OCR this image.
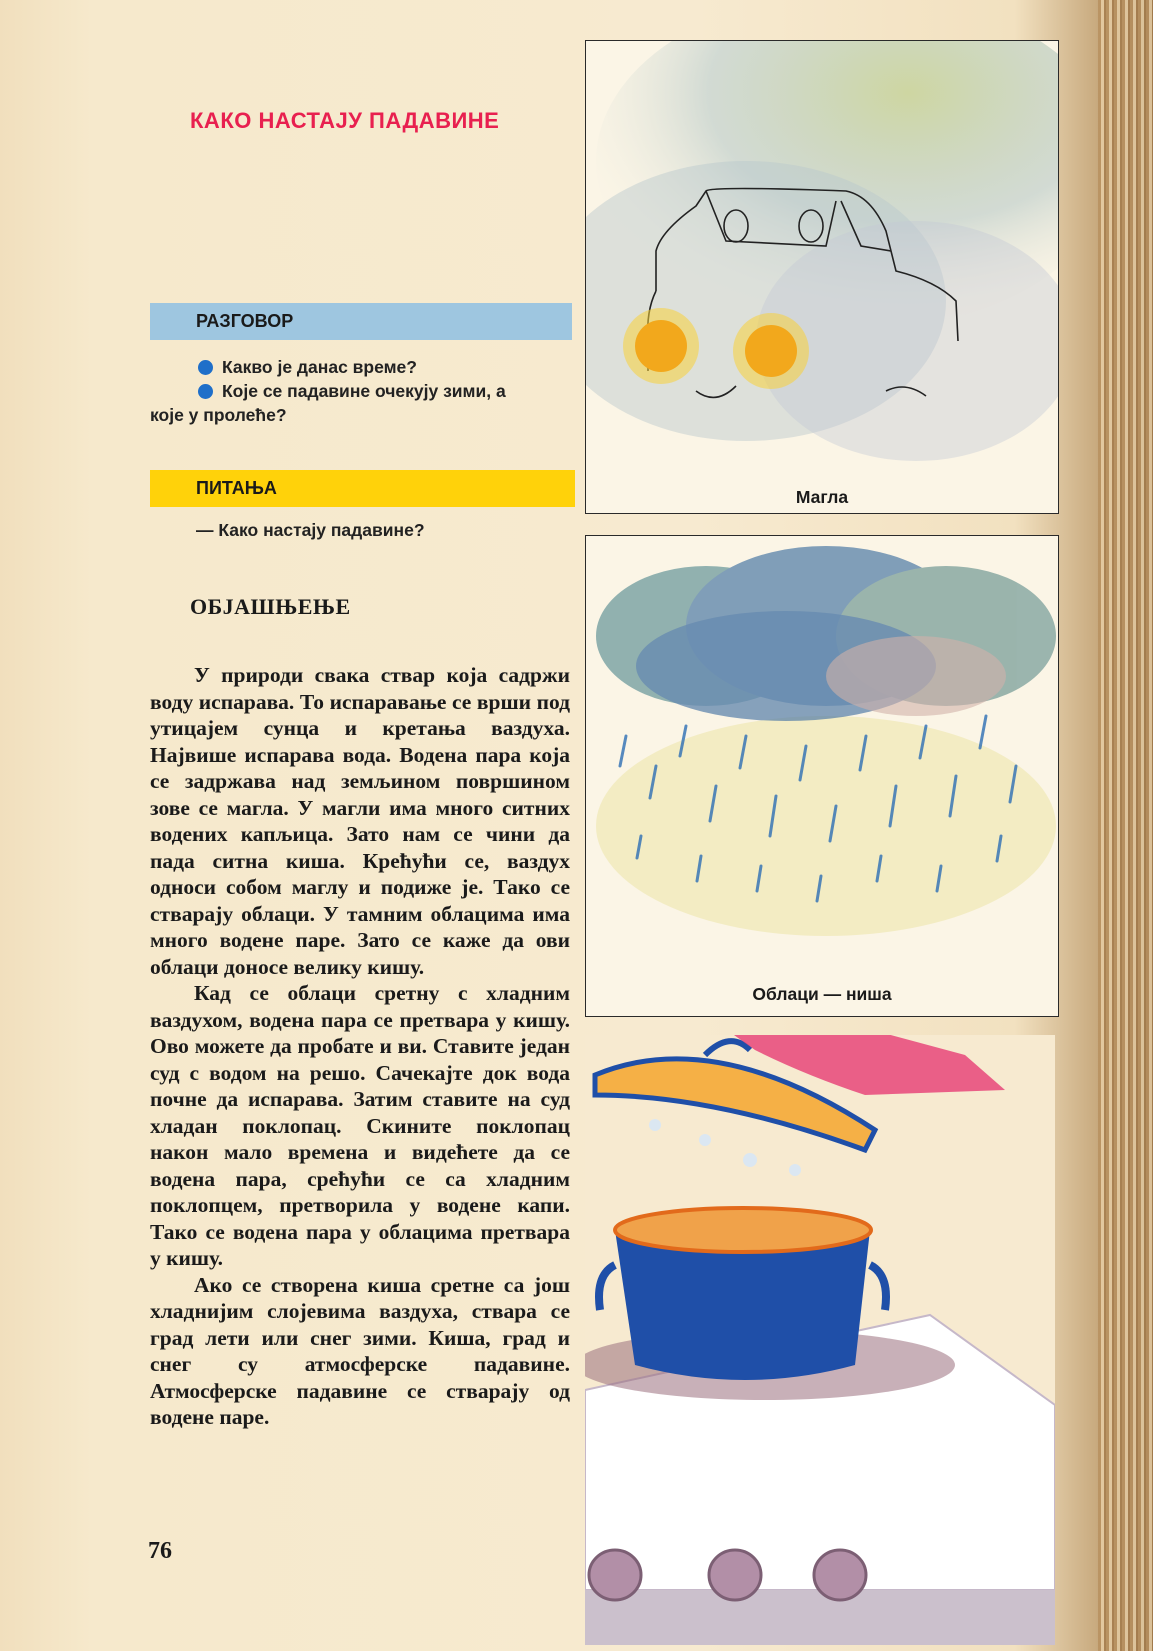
КАКО НАСТАЈУ ПАДАВИНЕ
РАЗГОВОР
Какво је данас време?
Које се падавине очекују зими, а
које у пролеће?
ПИТАЊА
— Како настају падавине?
ОБЈАШЊЕЊЕ

У природи свака ствар која садржи воду испарава. То испаравање се врши под утицајем сунца и кретања ваздуха. Највише испарава вода. Водена пара која се задржава над земљином површином зове се магла. У магли има много ситних водених капљица. Зато нам се чини да пада ситна киша. Крећући се, ваздух односи собом маглу и подиже је. Тако се стварају облаци. У тамним облацима има много водене паре. Зато се каже да ови облаци доносе велику кишу.

Кад се облаци сретну с хладним ваздухом, водена пара се претвара у кишу. Ово можете да пробате и ви. Ставите један суд с водом на решо. Сачекајте док вода почне да испарава. Затим ставите на суд хладан поклопац. Скините поклопац након мало времена и видећете да се водена пара, срећући се са хладним поклопцем, претворила у водене капи. Тако се водена пара у облацима претвара у кишу.

Ако се створена киша сретне са још хладнијим слојевима ваздуха, ствара се град лети или снег зими. Киша, град и снег су атмосферске падавине. Атмосферске падавине се стварају од водене паре.

76
Магла
Облаци — ниша
